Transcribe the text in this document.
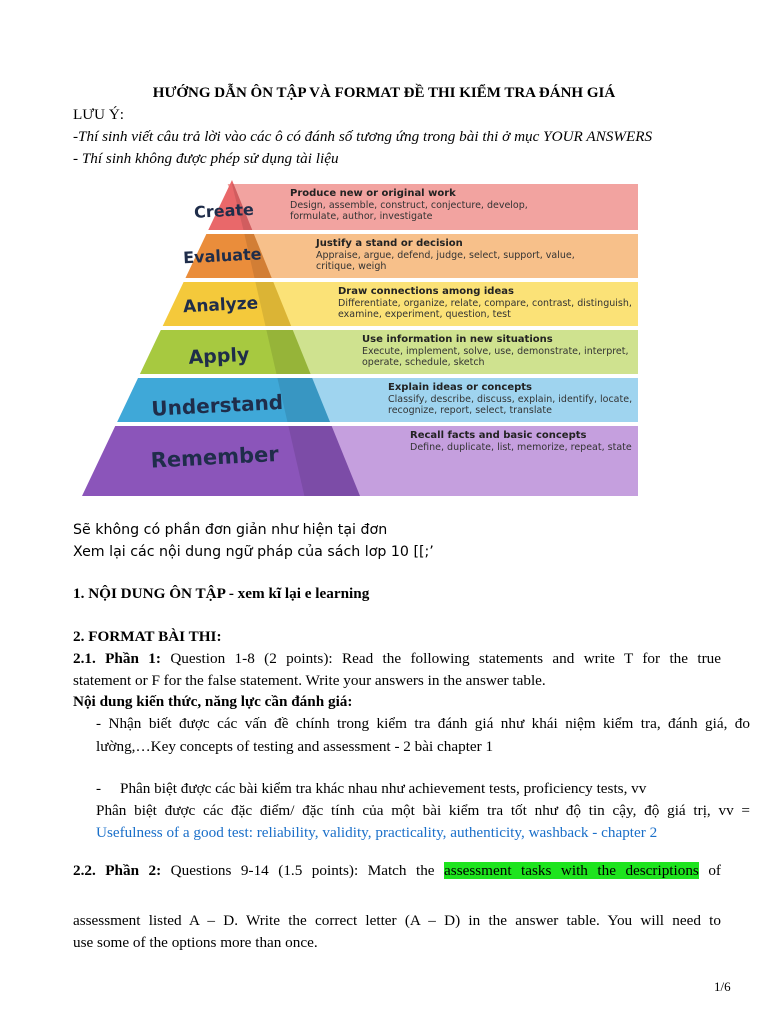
HƯỚNG DẪN ÔN TẬP VÀ FORMAT ĐỀ THI KIỂM TRA ĐÁNH GIÁ
LƯU Ý:
-Thí sinh viết câu trả lời vào các ô có đánh số tương ứng trong bài thi ở mục YOUR ANSWERS
- Thí sinh không được phép sử dụng tài liệu
Create
Produce new or original work
Design, assemble, construct, conjecture, develop,
formulate, author, investigate
Evaluate
Justify a stand or decision
Appraise, argue, defend, judge, select, support, value,
critique, weigh
Analyze
Draw connections among ideas
Differentiate, organize, relate, compare, contrast, distinguish,
examine, experiment, question, test
Apply
Use information in new situations
Execute, implement, solve, use, demonstrate, interpret,
operate, schedule, sketch
Understand
Explain ideas or concepts
Classify, describe, discuss, explain, identify, locate,
recognize, report, select, translate
Remember
Recall facts and basic concepts
Define, duplicate, list, memorize, repeat, state
Sẽ không có phần đơn giản như hiện tại đơn
Xem lại các nội dung ngữ pháp của sách lơp 10 [[;’
1. NỘI DUNG ÔN TẬP - xem kĩ lại e learning
2. FORMAT BÀI THI:
2.1. Phần 1: Question 1-8 (2 points): Read the following statements and write T for the true
statement or F for the false statement. Write your answers in the answer table.
Nội dung kiến thức, năng lực cần đánh giá:
- Nhận biết được các vấn đề chính trong kiểm tra đánh giá như khái niệm kiểm tra, đánh giá, đo
lường,…Key concepts of testing and assessment - 2 bài chapter 1
- Phân biệt được các bài kiểm tra khác nhau như achievement tests, proficiency tests, vv
Phân biệt được các đặc điểm/ đặc tính của một bài kiểm tra tốt như độ tin cậy, độ giá trị, vv =
Usefulness of a good test: reliability, validity, practicality, authenticity, washback - chapter 2
2.2. Phần 2: Questions 9-14 (1.5 points): Match the assessment tasks with the descriptions of
assessment listed A – D. Write the correct letter (A – D) in the answer table. You will need to
use some of the options more than once.
1/6
